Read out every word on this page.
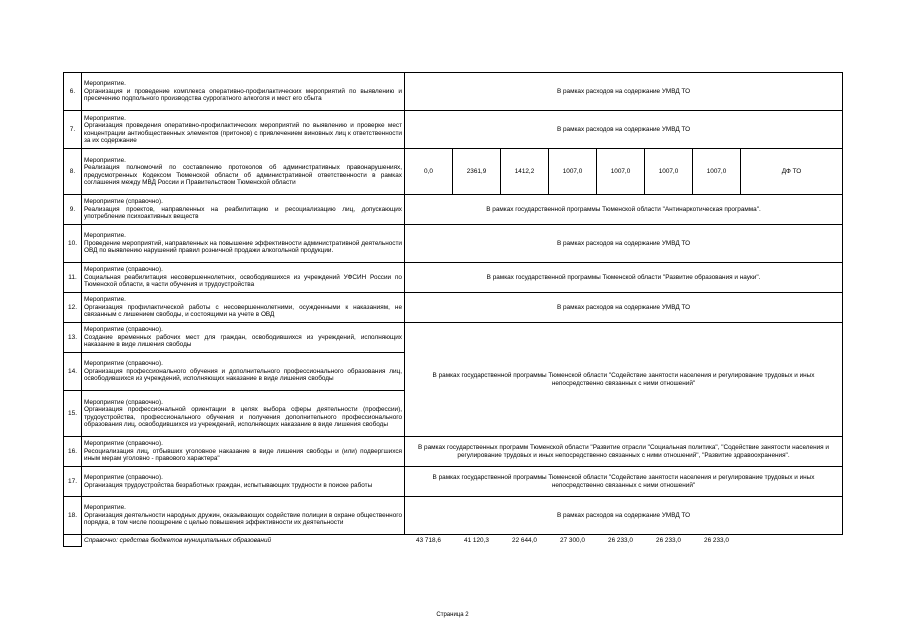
6.	Мероприятие.
Организация и проведение комплекса оперативно-профилактических мероприятий по выявлению и пресечению подпольного производства суррогатного алкоголя и мест его сбыта	В рамках расходов на содержание УМВД ТО							
7.	Мероприятие.
Организация проведения оперативно-профилактических мероприятий по выявлению и проверке мест концентрации антиобщественных элементов (притонов) с привлечением виновных лиц к ответственности за их содержание	В рамках расходов на содержание УМВД ТО							
8.	Мероприятие.
Реализация полномочий по составлению протоколов об административных правонарушениях, предусмотренных Кодексом Тюменской области об административной ответственности в рамках соглашения между МВД России и Правительством Тюменской области	0,0	2361,9	1412,2	1007,0	1007,0	1007,0	1007,0	ДФ ТО
9.	Мероприятие (справочно).
Реализация проектов, направленных на реабилитацию и ресоциализацию лиц, допускающих употребление психоактивных веществ	В рамках государственной программы Тюменской области "Антинаркотическая программа".							
10.	Мероприятие.
Проведение мероприятий, направленных на повышение эффективности административной деятельности ОВД по выявлению нарушений правил розничной продажи алкогольной продукции.	В рамках расходов на содержание УМВД ТО							
11.	Мероприятие (справочно).
Социальная реабилитация несовершеннолетних, освободившихся из учреждений УФСИН России по Тюменской области, в части обучения и трудоустройства	В рамках государственной программы Тюменской области "Развитие образования и науки".							
12.	Мероприятие.
Организация профилактической работы с несовершеннолетними, осужденными к наказаниям, не связанным с лишением свободы, и состоящими на учете в ОВД	В рамках расходов на содержание УМВД ТО							
13.	Мероприятие (справочно).
Создание временных рабочих мест для граждан, освободившихся из учреждений, исполняющих наказание в виде лишения свободы	В рамках государственной программы Тюменской области "Содействие занятости населения и регулирование трудовых и иных непосредственно связанных с ними отношений"							
14.	Мероприятие (справочно).
Организация профессионального обучения и дополнительного профессионального образования лиц, освободившихся из учреждений, исполняющих наказание в виде лишения свободы								

15.	Мероприятие (справочно).
Организация профессиональной ориентации в целях выбора сферы деятельности (профессии), трудоустройства, профессионального обучения и получения дополнительного профессионального образования лиц, освободившихся из учреждений, исполняющих наказание в виде лишения свободы								

16.	Мероприятие (справочно).
Ресоциализация лиц, отбывших уголовное наказание в виде лишения свободы и (или) подвергшихся иным мерам уголовно - правового характера"	В рамках государственных программ Тюменской области "Развитие отрасли "Социальная политика", "Содействие занятости населения и регулирование трудовых и иных непосредственно связанных с ними отношений", "Развитие здравоохранения".							
17.	Мероприятие (справочно).
Организация трудоустройства безработных граждан, испытывающих трудности в поиске работы	В рамках государственной программы Тюменской области "Содействие занятости населения и регулирование трудовых и иных непосредственно связанных с ними отношений"							
18.	Мероприятие.
Организация деятельности народных дружин, оказывающих содействие полиции в охране общественного порядка, в том числе поощрение с целью повышения эффективности их деятельности	В рамках расходов на содержание УМВД ТО							
	Справочно: средства бюджетов муниципальных образований	43 718,6	41 120,3	22 644,0	27 300,0	26 233,0	26 233,0	26 233,0	
Страница 2
